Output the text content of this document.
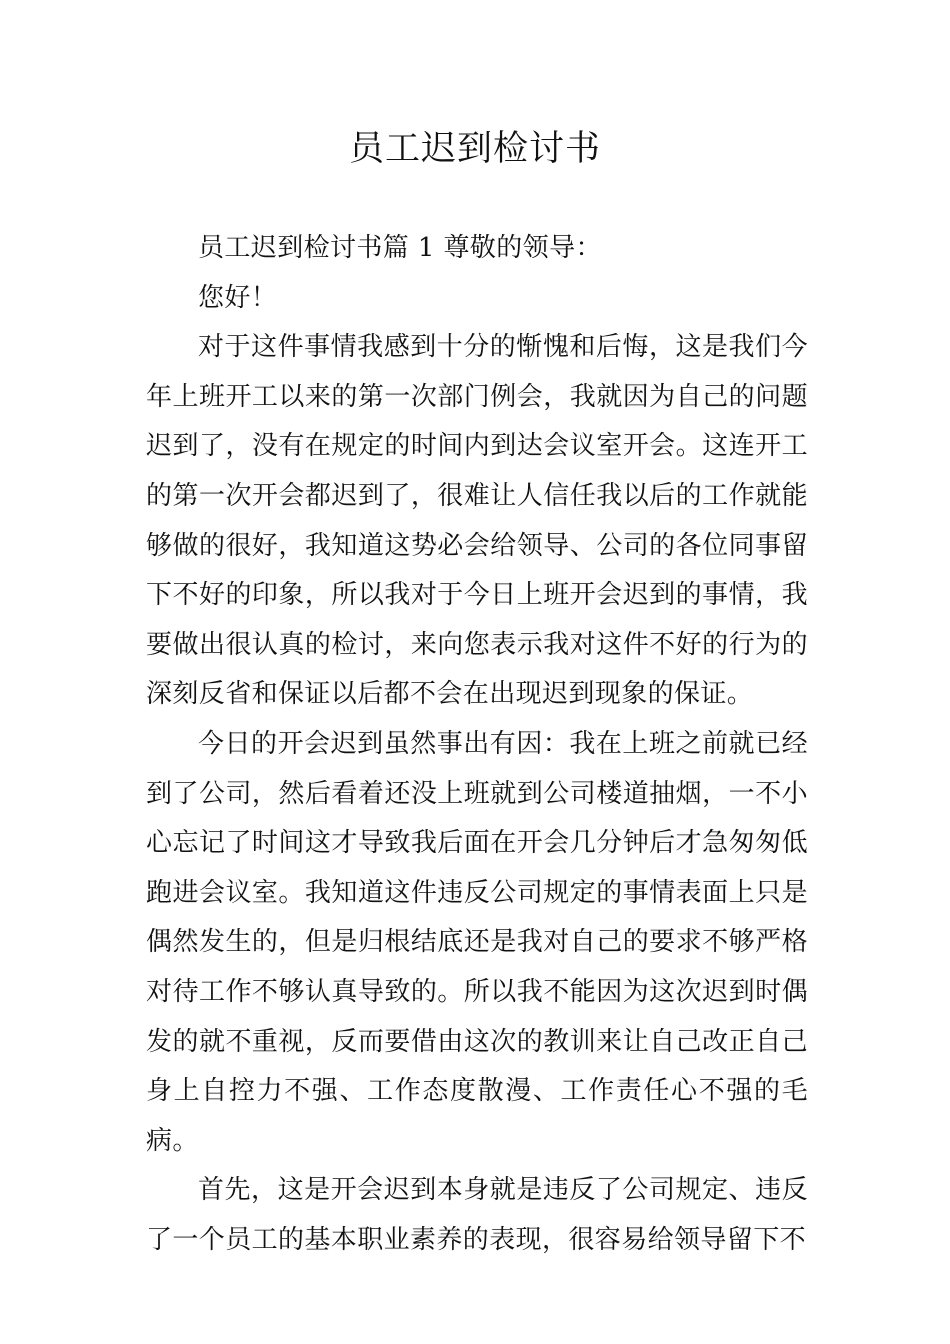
员工迟到检讨书

员工迟到检讨书篇 1 尊敬的领导：

您好！

对于这件事情我感到十分的惭愧和后悔，这是我们今年上班开工以来的第一次部门例会，我就因为自己的问题迟到了，没有在规定的时间内到达会议室开会。这连开工的第一次开会都迟到了，很难让人信任我以后的工作就能够做的很好，我知道这势必会给领导、公司的各位同事留下不好的印象，所以我对于今日上班开会迟到的事情，我要做出很认真的检讨，来向您表示我对这件不好的行为的深刻反省和保证以后都不会在出现迟到现象的保证。

今日的开会迟到虽然事出有因：我在上班之前就已经到了公司，然后看着还没上班就到公司楼道抽烟，一不小心忘记了时间这才导致我后面在开会几分钟后才急匆匆低跑进会议室。我知道这件违反公司规定的事情表面上只是偶然发生的，但是归根结底还是我对自己的要求不够严格对待工作不够认真导致的。所以我不能因为这次迟到时偶发的就不重视，反而要借由这次的教训来让自己改正自己身上自控力不强、工作态度散漫、工作责任心不强的毛病。

首先，这是开会迟到本身就是违反了公司规定、违反了一个员工的基本职业素养的表现，很容易给领导留下不
